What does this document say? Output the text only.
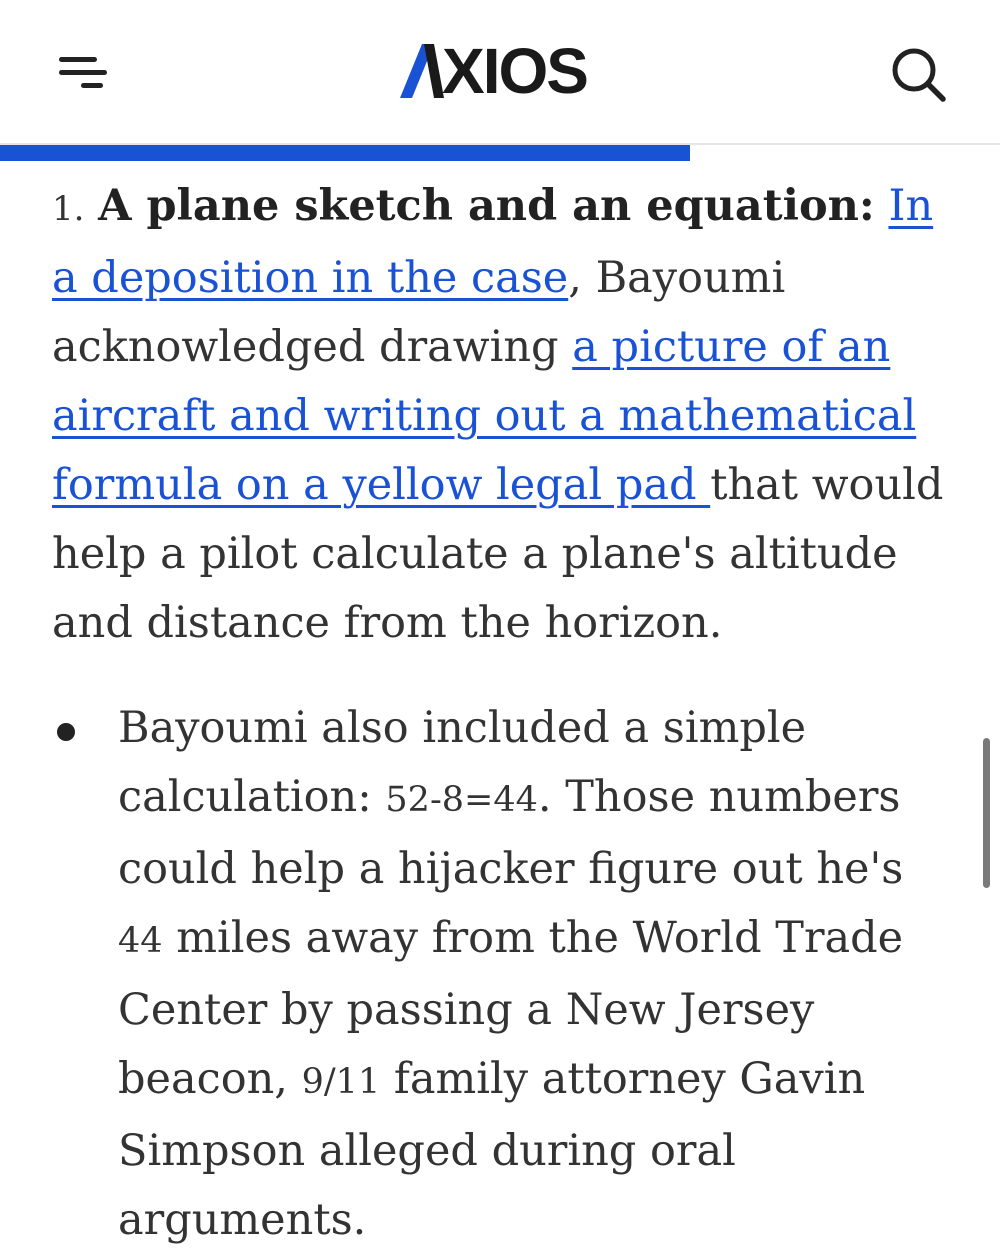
XIOS

1. A plane sketch and an equation: In a deposition in the case, Bayoumi acknowledged drawing a picture of an aircraft and writing out a mathematical formula on a yellow legal pad that would help a pilot calculate a plane's altitude and distance from the horizon.

Bayoumi also included a simple calculation: 52-8=44. Those numbers could help a hijacker figure out he's 44 miles away from the World Trade Center by passing a New Jersey beacon, 9/11 family attorney Gavin Simpson alleged during oral arguments.
